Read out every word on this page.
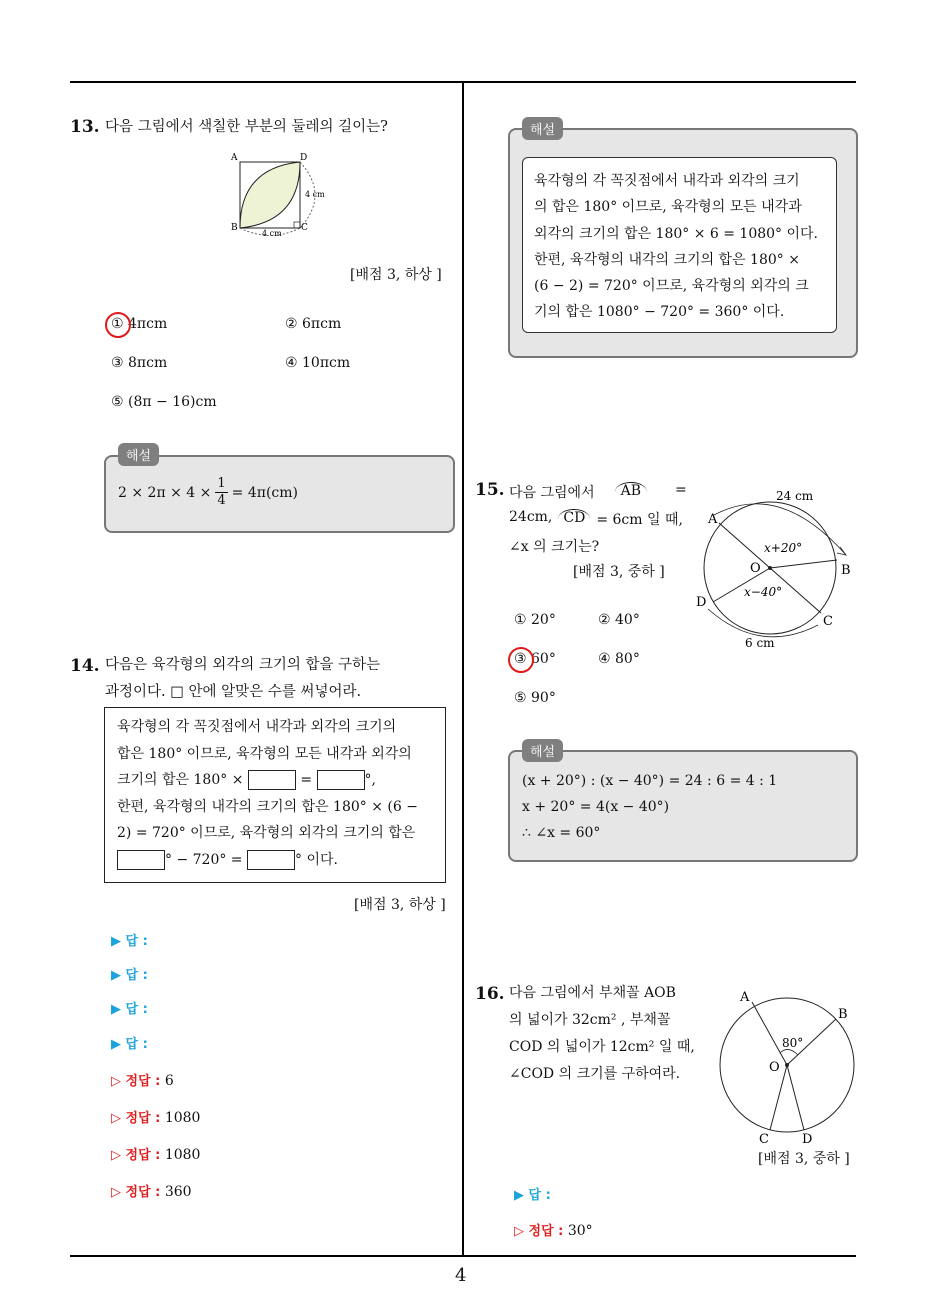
4
13. 다음 그림에서 색칠한 부분의 둘레의 길이는?
A	D
B	C
4 cm
4 cm
[배점 3, 하상 ]
① 4πcm	② 6πcm
③ 8πcm	④ 10πcm
⑤ (8π − 16)cm
해설
$2 \times 2\pi \times 4 \times \frac{1}{4} = 4\pi(cm)$
14. 다음은 육각형의 외각의 크기의 합을 구하는
과정이다. □ 안에 알맞은 수를 써넣어라.
육각형의 각 꼭짓점에서 내각과 외각의 크기의
합은 180° 이므로, 육각형의 모든 내각과 외각의
크기의 합은 180° ×	=	°,
한편, 육각형의 내각의 크기의 합은 180° × (6 −
2) = 720° 이므로, 육각형의 외각의 크기의 합은
° − 720° =	° 이다.
[배점 3, 하상 ]
▶ 답 :
▶ 답 :
▶ 답 :
▶ 답 :
▷ 정답 : 6
▷ 정답 : 1080
▷ 정답 : 1080
▷ 정답 : 360
해설
육각형의 각 꼭짓점에서 내각과 외각의 크기
의 합은 180° 이므로, 육각형의 모든 내각과
외각의 크기의 합은 180° × 6 = 1080° 이다.
한편, 육각형의 내각의 크기의 합은 180° ×
(6 − 2) = 720° 이므로, 육각형의 외각의 크
기의 합은 1080° − 720° = 360° 이다.
15. 다음 그림에서	AB	=
24cm, CD = 6cm 일 때,
∠x 의 크기는?
[배점 3, 중하 ]
24 cm
6 cm
A
B
C
D
O
x+20°
x−40°
① 20°	② 40°
③ 60°	④ 80°
⑤ 90°
해설
(x + 20°) : (x − 40°) = 24 : 6 = 4 : 1
x + 20° = 4(x − 40°)
∴ ∠x = 60°
16. 다음 그림에서 부채꼴 AOB
의 넓이가 32cm² , 부채꼴
COD 의 넓이가 12cm² 일 때,
∠COD 의 크기를 구하여라.
A
B
C	D
O
80°
[배점 3, 중하 ]
▶ 답 :
▷ 정답 : 30°
